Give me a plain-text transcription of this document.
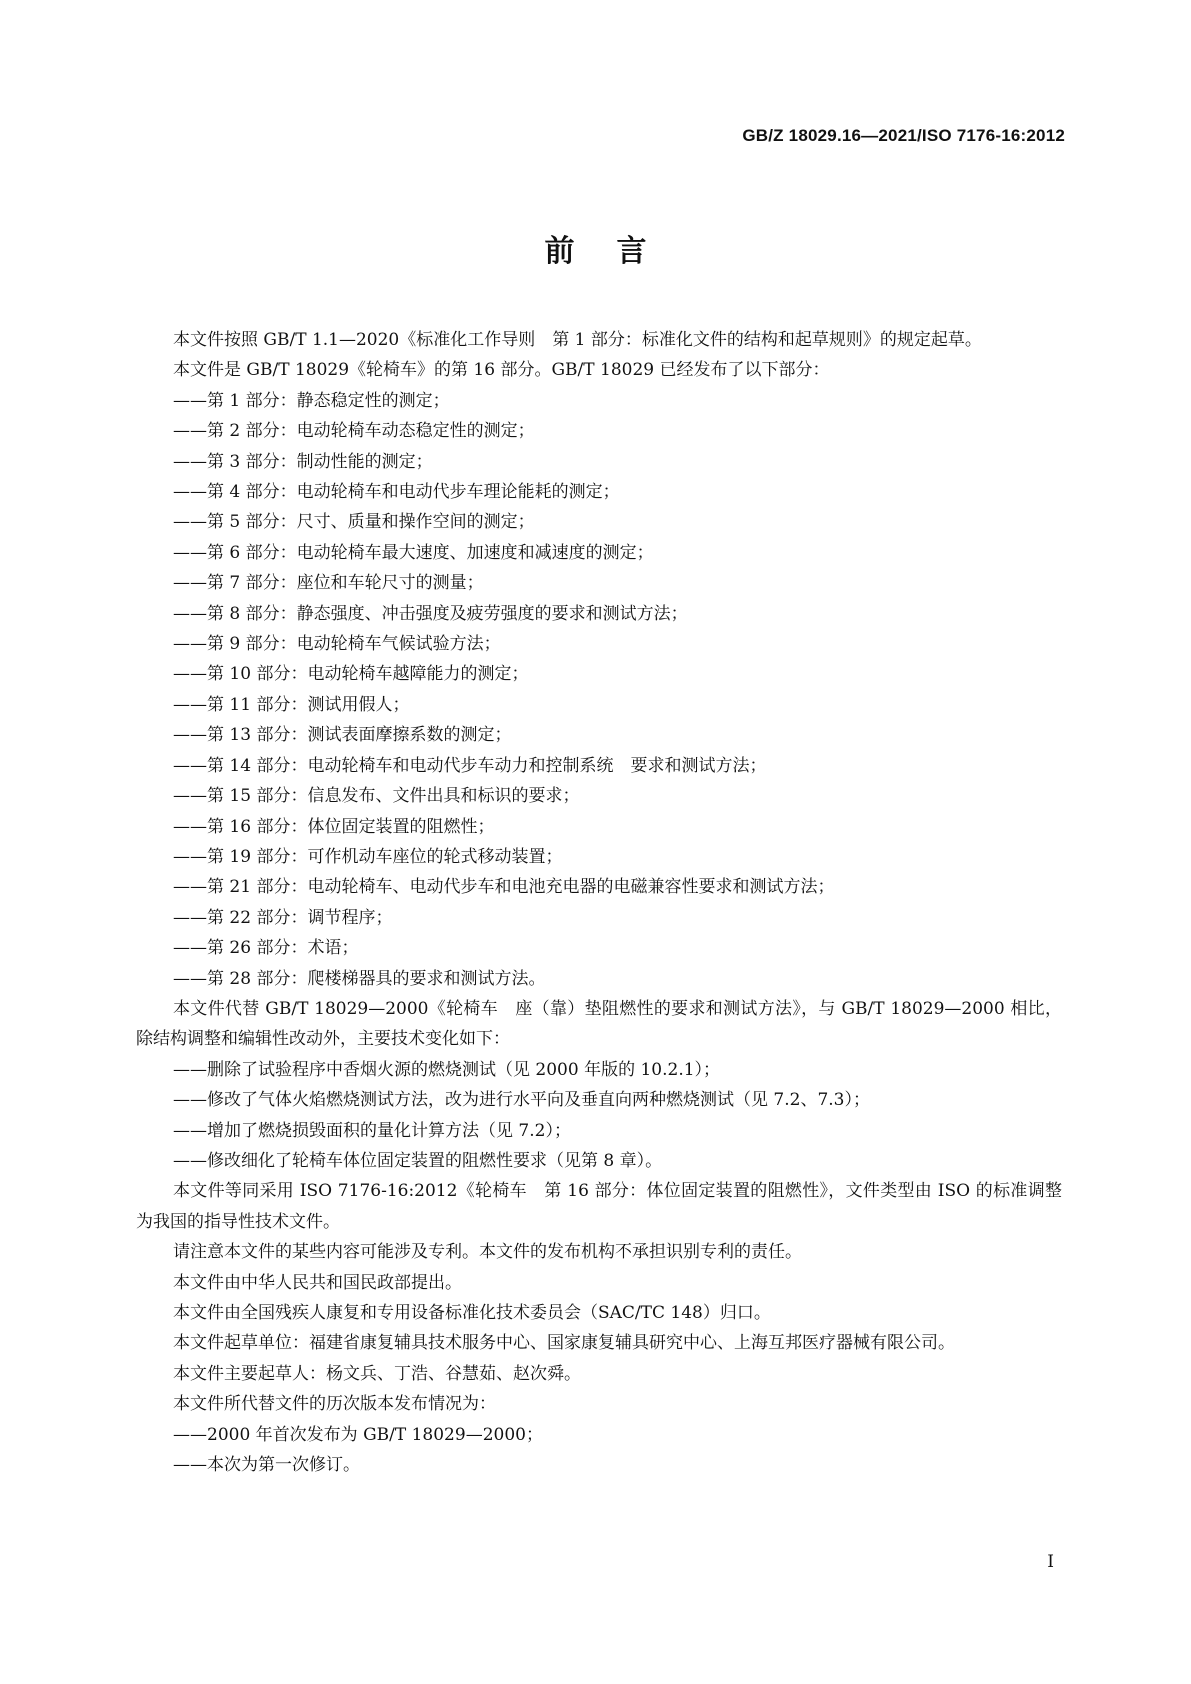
GB/Z 18029.16—2021/ISO 7176-16:2012
前言

本文件按照 GB/T 1.1—2020《标准化工作导则　第 1 部分：标准化文件的结构和起草规则》的规定起草。

本文件是 GB/T 18029《轮椅车》的第 16 部分。GB/T 18029 已经发布了以下部分：

——第 1 部分：静态稳定性的测定；

——第 2 部分：电动轮椅车动态稳定性的测定；

——第 3 部分：制动性能的测定；

——第 4 部分：电动轮椅车和电动代步车理论能耗的测定；

——第 5 部分：尺寸、质量和操作空间的测定；

——第 6 部分：电动轮椅车最大速度、加速度和减速度的测定；

——第 7 部分：座位和车轮尺寸的测量；

——第 8 部分：静态强度、冲击强度及疲劳强度的要求和测试方法；

——第 9 部分：电动轮椅车气候试验方法；

——第 10 部分：电动轮椅车越障能力的测定；

——第 11 部分：测试用假人；

——第 13 部分：测试表面摩擦系数的测定；

——第 14 部分：电动轮椅车和电动代步车动力和控制系统　要求和测试方法；

——第 15 部分：信息发布、文件出具和标识的要求；

——第 16 部分：体位固定装置的阻燃性；

——第 19 部分：可作机动车座位的轮式移动装置；

——第 21 部分：电动轮椅车、电动代步车和电池充电器的电磁兼容性要求和测试方法；

——第 22 部分：调节程序；

——第 26 部分：术语；

——第 28 部分：爬楼梯器具的要求和测试方法。

本文件代替 GB/T 18029—2000《轮椅车　座（靠）垫阻燃性的要求和测试方法》，与 GB/T 18029—2000 相比，除结构调整和编辑性改动外，主要技术变化如下：

——删除了试验程序中香烟火源的燃烧测试（见 2000 年版的 10.2.1）；

——修改了气体火焰燃烧测试方法，改为进行水平向及垂直向两种燃烧测试（见 7.2、7.3）；

——增加了燃烧损毁面积的量化计算方法（见 7.2）；

——修改细化了轮椅车体位固定装置的阻燃性要求（见第 8 章）。

本文件等同采用 ISO 7176-16:2012《轮椅车　第 16 部分：体位固定装置的阻燃性》，文件类型由 ISO 的标准调整为我国的指导性技术文件。

请注意本文件的某些内容可能涉及专利。本文件的发布机构不承担识别专利的责任。

本文件由中华人民共和国民政部提出。

本文件由全国残疾人康复和专用设备标准化技术委员会（SAC/TC 148）归口。

本文件起草单位：福建省康复辅具技术服务中心、国家康复辅具研究中心、上海互邦医疗器械有限公司。

本文件主要起草人：杨文兵、丁浩、谷慧茹、赵次舜。

本文件所代替文件的历次版本发布情况为：

——2000 年首次发布为 GB/T 18029—2000；

——本次为第一次修订。

I
